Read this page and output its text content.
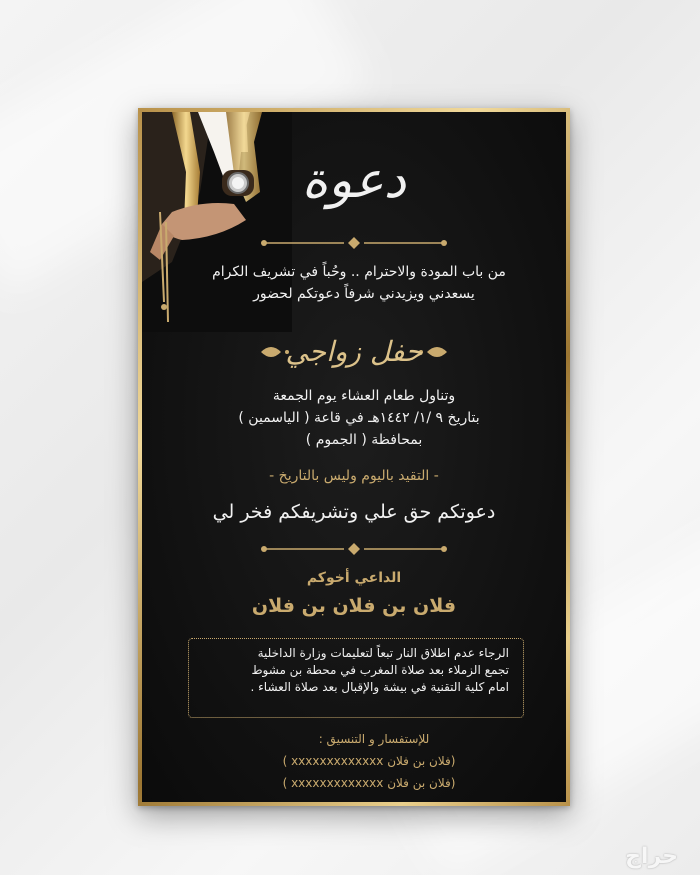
دعوة
من باب المودة والاحترام .. وحُباً في تشريف الكرام
يسعدني ويزيدني شرفاً دعوتكم لحضور
حفل زواجي
وتناول طعام العشاء يوم الجمعة
بتاريخ ٩ /١/ ١٤٤٢هـ في قاعة ( الياسمين )
بمحافظة ( الجموم )
- التقيد باليوم وليس بالتاريخ -
دعوتكم حق علي وتشريفكم فخر لي
الداعي أخوكم
فلان بن فلان بن فلان
الرجاء عدم اطلاق النار تبعاً لتعليمات وزارة الداخلية
تجمع الزملاء بعد صلاة المغرب في محطة بن مشوط
امام كلية التقنية في بيشة والإقبال بعد صلاة العشاء .
للإستفسار و التنسيق :
(فلان بن فلان xxxxxxxxxxxxx )
(فلان بن فلان xxxxxxxxxxxxx )
حراج
